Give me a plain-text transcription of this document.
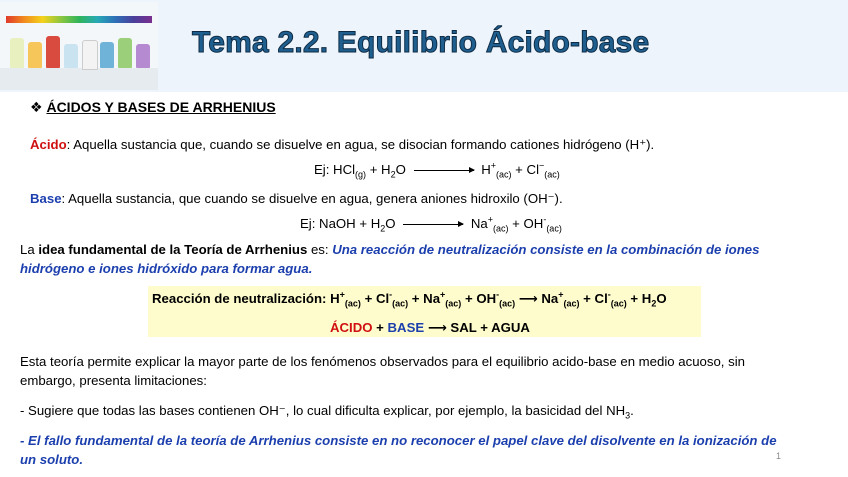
Tema 2.2. Equilibrio Ácido-base
❖ ÁCIDOS Y BASES DE ARRHENIUS
Ácido: Aquella sustancia que, cuando se disuelve en agua, se disocian formando cationes hidrógeno (H⁺).
Ej: $HCl_{(g)} + H_2O$	$H^+_{(ac)} + Cl^-_{(ac)}$
Base: Aquella sustancia, que cuando se disuelve en agua, genera aniones hidroxilo (OH⁻).
Ej: NaOH + $H_2O$	$Na^+_{(ac)} + OH^-_{(ac)}$
La idea fundamental de la Teoría de Arrhenius es: Una reacción de neutralización consiste en la combinación de iones
hidrógeno e iones hidróxido para formar agua.
Reacción de neutralización: $H^+_{(ac)} + Cl^-_{(ac)} + Na^+_{(ac)} + OH^-_{(ac)}$ ⟶ $Na^+_{(ac)} + Cl^-_{(ac)} + H_2O$
ÁCIDO + BASE ⟶ SAL + AGUA
Esta teoría permite explicar la mayor parte de los fenómenos observados para el equilibrio acido-base en medio acuoso, sin
embargo, presenta limitaciones:
- Sugiere que todas las bases contienen OH⁻, lo cual dificulta explicar, por ejemplo, la basicidad del $NH_3$.
- El fallo fundamental de la teoría de Arrhenius consiste en no reconocer el papel clave del disolvente en la ionización de
un soluto.	1
